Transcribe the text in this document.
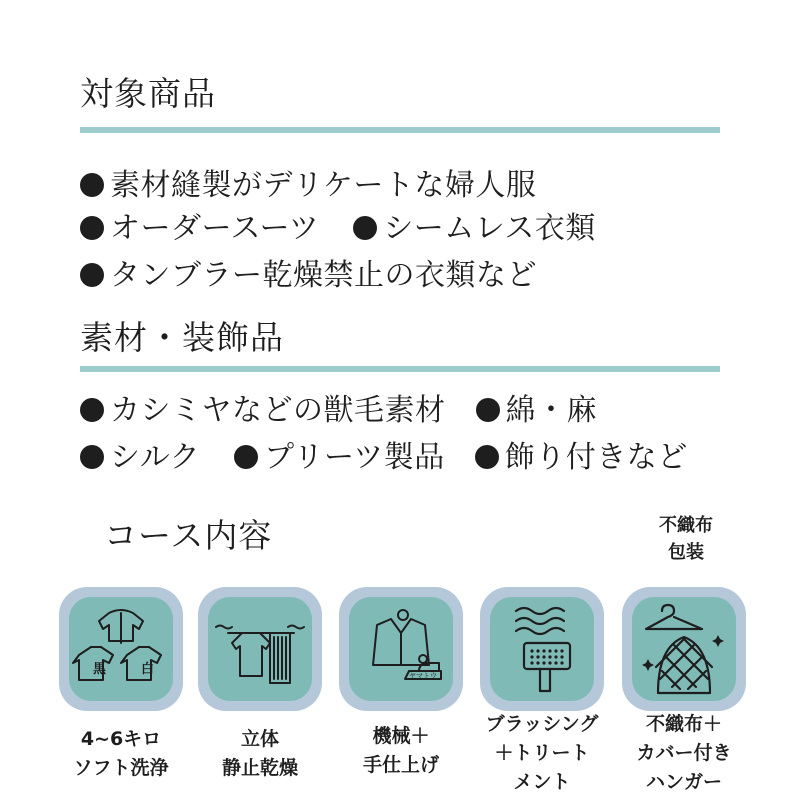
対象商品
素材縫製がデリケートな婦人服
オーダースーツ シームレス衣類
タンブラー乾燥禁止の衣類など
素材・装飾品
カシミヤなどの獣毛素材 綿・麻
シルク プリーツ製品 飾り付きなど
コース内容	不織布
包装
黒	白	ヤマトウ
4~6キロ
ソフト洗浄
立体
静止乾燥
機械＋
手仕上げ
ブラッシング
＋トリート
メント
不織布＋
カバー付き
ハンガー
